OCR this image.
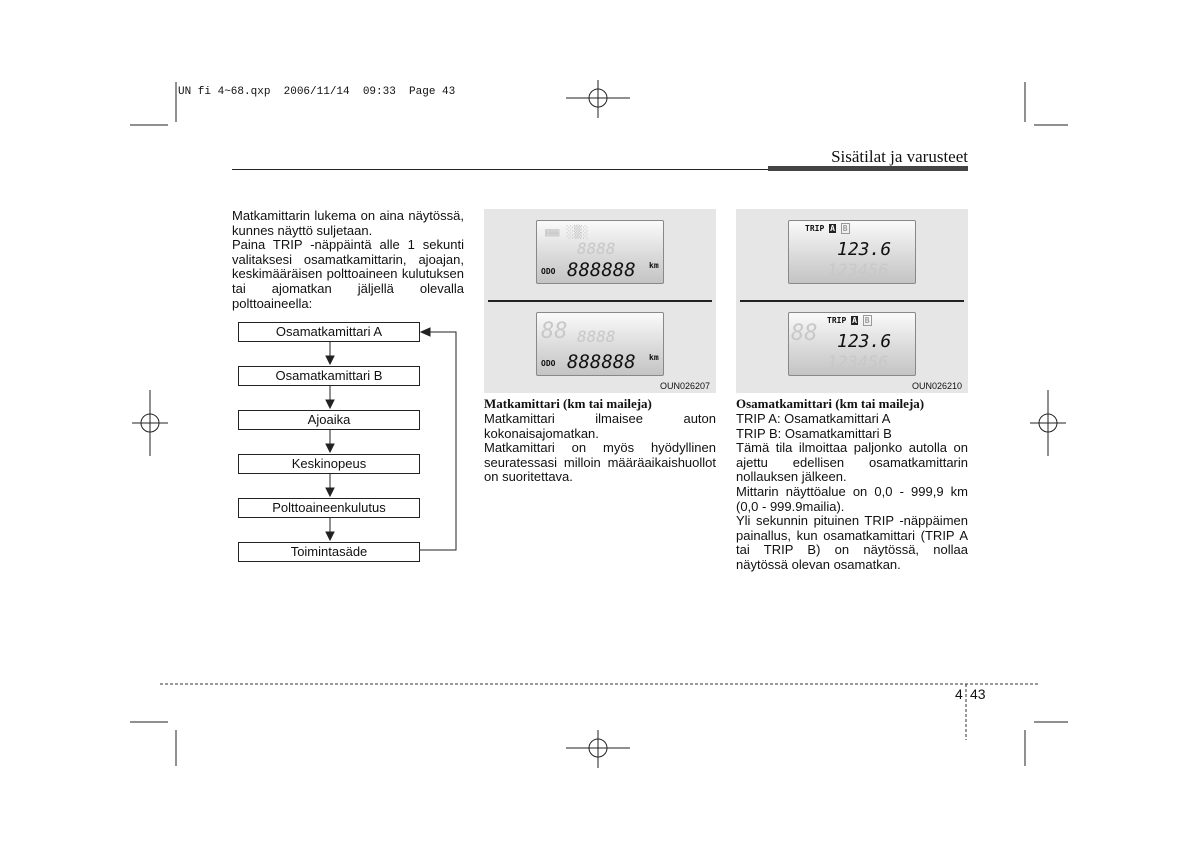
UN fi 4~68.qxp  2006/11/14  09:33  Page 43
Sisätilat ja varusteet

Matkamittarin lukema on aina näytössä, kunnes näyttö suljetaan.

Paina TRIP -näppäintä alle 1 sekunti valitaksesi osamatkamittarin, ajoajan, keskimääräisen polttoaineen kulutuksen tai ajomatkan jäljellä olevalla polttoaineella:

Osamatkamittari A
Osamatkamittari B
Ajoaika
Keskinopeus
Polttoaineenkulutus
Toimintasäde
▦▦ ░▒░
8888
ODO 888888 km
88 8888
ODO 888888 km
OUN026207
Matkamittari (km tai maileja)
Matkamittari ilmaisee auton kokonaisajomatkan.
Matkamittari on myös hyödyllinen seuratessasi milloin määräaikaishuollot on suoritettava.
TRIP A B
123.6
123456
88
TRIP A B
123.6
123456
OUN026210
Osamatkamittari (km tai maileja)
TRIP A: Osamatkamittari A
TRIP B: Osamatkamittari B
Tämä tila ilmoittaa paljonko autolla on ajettu edellisen osamatkamittarin nollauksen jälkeen.
Mittarin näyttöalue on 0,0 - 999,9 km (0,0 - 999.9mailia).
Yli sekunnin pituinen TRIP -näppäimen painallus, kun osamatkamittari (TRIP A tai TRIP B) on näytössä, nollaa näytössä olevan osamatkan.
4 43
